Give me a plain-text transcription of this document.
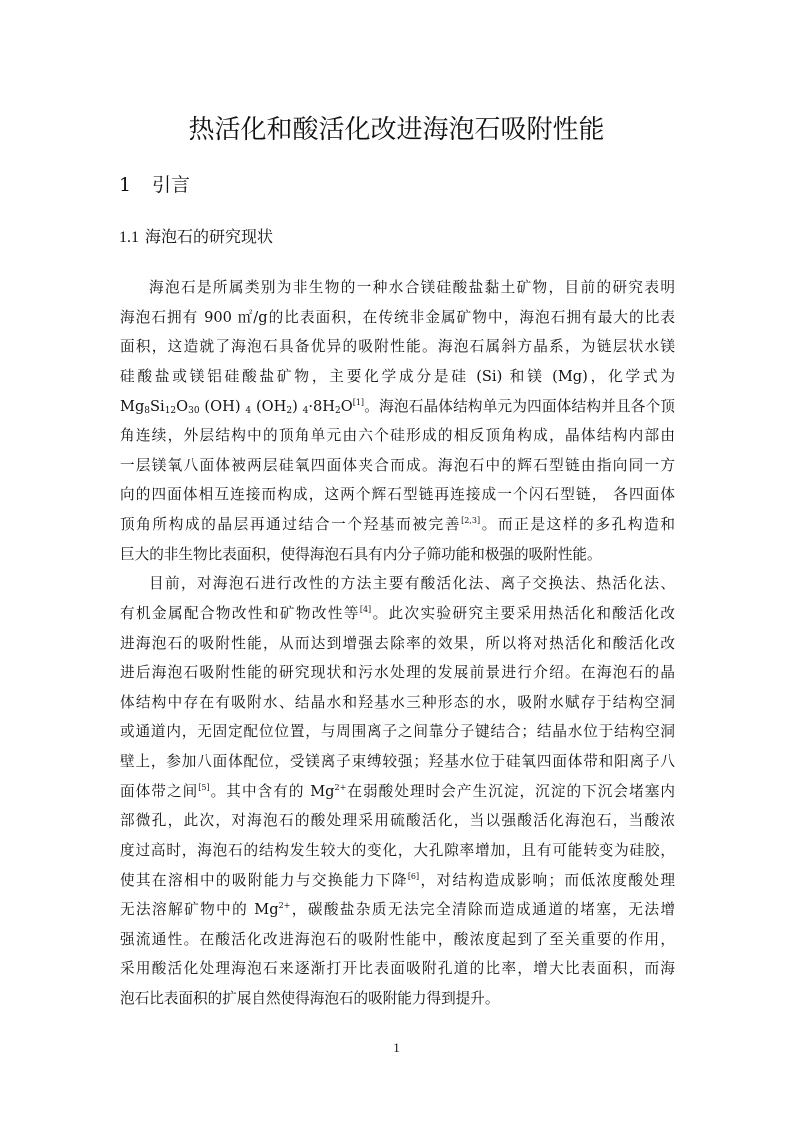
热活化和酸活化改进海泡石吸附性能
1 引言
1.1 海泡石的研究现状
海泡石是所属类别为非生物的一种水合镁硅酸盐黏土矿物，目前的研究表明
海泡石拥有 900 ㎡/g的比表面积，在传统非金属矿物中，海泡石拥有最大的比表
面积，这造就了海泡石具备优异的吸附性能。海泡石属斜方晶系，为链层状水镁
硅酸盐或镁铝硅酸盐矿物，主要化学成分是硅 (Si) 和镁 (Mg)，化学式为
$Mg_8Si_{12}O_{30}$ (OH) $_4$ $(OH_2)$ $_4\cdot 8H_2O[1]$。海泡石晶体结构单元为四面体结构并且各个顶
角连续，外层结构中的顶角单元由六个硅形成的相反顶角构成，晶体结构内部由
一层镁氧八面体被两层硅氧四面体夹合而成。海泡石中的辉石型链由指向同一方
向的四面体相互连接而构成，这两个辉石型链再连接成一个闪石型链， 各四面体
顶角所构成的晶层再通过结合一个羟基而被完善[2,3]。而正是这样的多孔构造和
巨大的非生物比表面积，使得海泡石具有内分子筛功能和极强的吸附性能。
目前，对海泡石进行改性的方法主要有酸活化法、离子交换法、热活化法、
有机金属配合物改性和矿物改性等[4]。此次实验研究主要采用热活化和酸活化改
进海泡石的吸附性能，从而达到增强去除率的效果，所以将对热活化和酸活化改
进后海泡石吸附性能的研究现状和污水处理的发展前景进行介绍。在海泡石的晶
体结构中存在有吸附水、结晶水和羟基水三种形态的水，吸附水赋存于结构空洞
或通道内，无固定配位位置，与周围离子之间靠分子键结合；结晶水位于结构空洞
壁上，参加八面体配位，受镁离子束缚较强；羟基水位于硅氧四面体带和阳离子八
面体带之间[5]。其中含有的 $Mg^{2+}$在弱酸处理时会产生沉淀，沉淀的下沉会堵塞内
部微孔，此次，对海泡石的酸处理采用硫酸活化，当以强酸活化海泡石，当酸浓
度过高时，海泡石的结构发生较大的变化，大孔隙率增加，且有可能转变为硅胶，
使其在溶相中的吸附能力与交换能力下降[6]，对结构造成影响；而低浓度酸处理
无法溶解矿物中的 $Mg^{2+}$，碳酸盐杂质无法完全清除而造成通道的堵塞，无法增
强流通性。在酸活化改进海泡石的吸附性能中，酸浓度起到了至关重要的作用，
采用酸活化处理海泡石来逐渐打开比表面吸附孔道的比率，增大比表面积，而海
泡石比表面积的扩展自然使得海泡石的吸附能力得到提升。
1
